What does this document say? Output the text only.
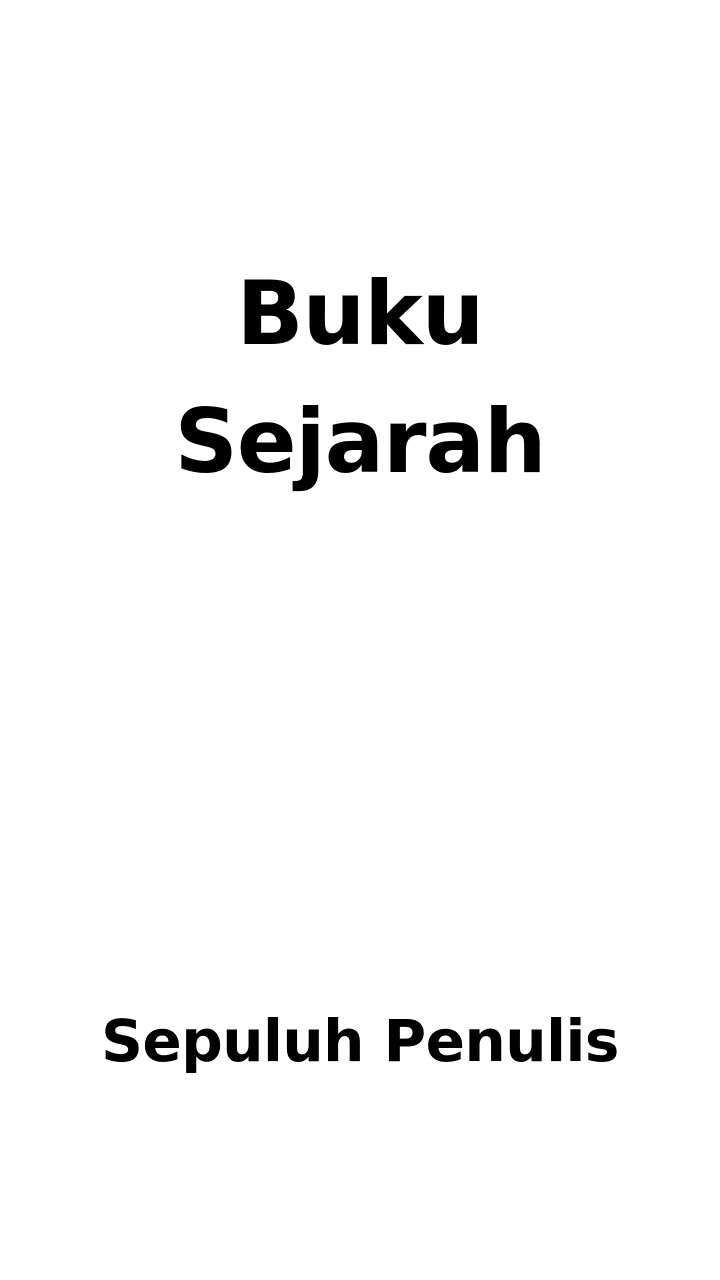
Buku
Sejarah
Sepuluh Penulis
